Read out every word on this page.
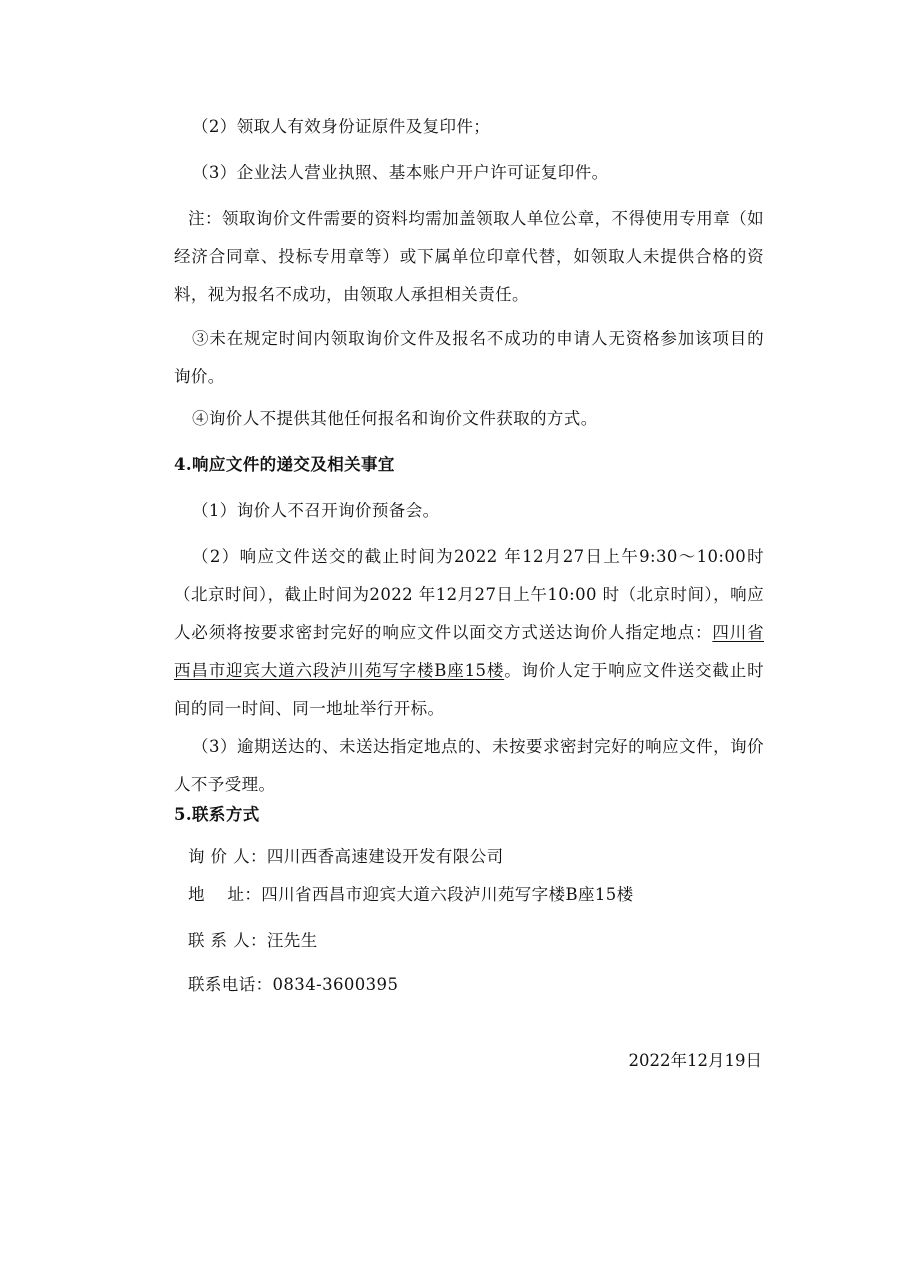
（2）领取人有效身份证原件及复印件；

（3）企业法人营业执照、基本账户开户许可证复印件。

注：领取询价文件需要的资料均需加盖领取人单位公章，不得使用专用章（如经济合同章、投标专用章等）或下属单位印章代替，如领取人未提供合格的资料，视为报名不成功，由领取人承担相关责任。

③未在规定时间内领取询价文件及报名不成功的申请人无资格参加该项目的询价。

④询价人不提供其他任何报名和询价文件获取的方式。

4.响应文件的递交及相关事宜

（1）询价人不召开询价预备会。

（2）响应文件送交的截止时间为2022 年12月27日上午9:30～10:00时（北京时间），截止时间为2022 年12月27日上午10:00 时（北京时间），响应人必须将按要求密封完好的响应文件以面交方式送达询价人指定地点：四川省西昌市迎宾大道六段泸川苑写字楼B座15楼。询价人定于响应文件送交截止时间的同一时间、同一地址举行开标。

（3）逾期送达的、未送达指定地点的、未按要求密封完好的响应文件，询价人不予受理。

5.联系方式

询 价 人：四川西香高速建设开发有限公司

地　 址：四川省西昌市迎宾大道六段泸川苑写字楼B座15楼

联 系 人：汪先生

联系电话：0834-3600395

2022年12月19日
